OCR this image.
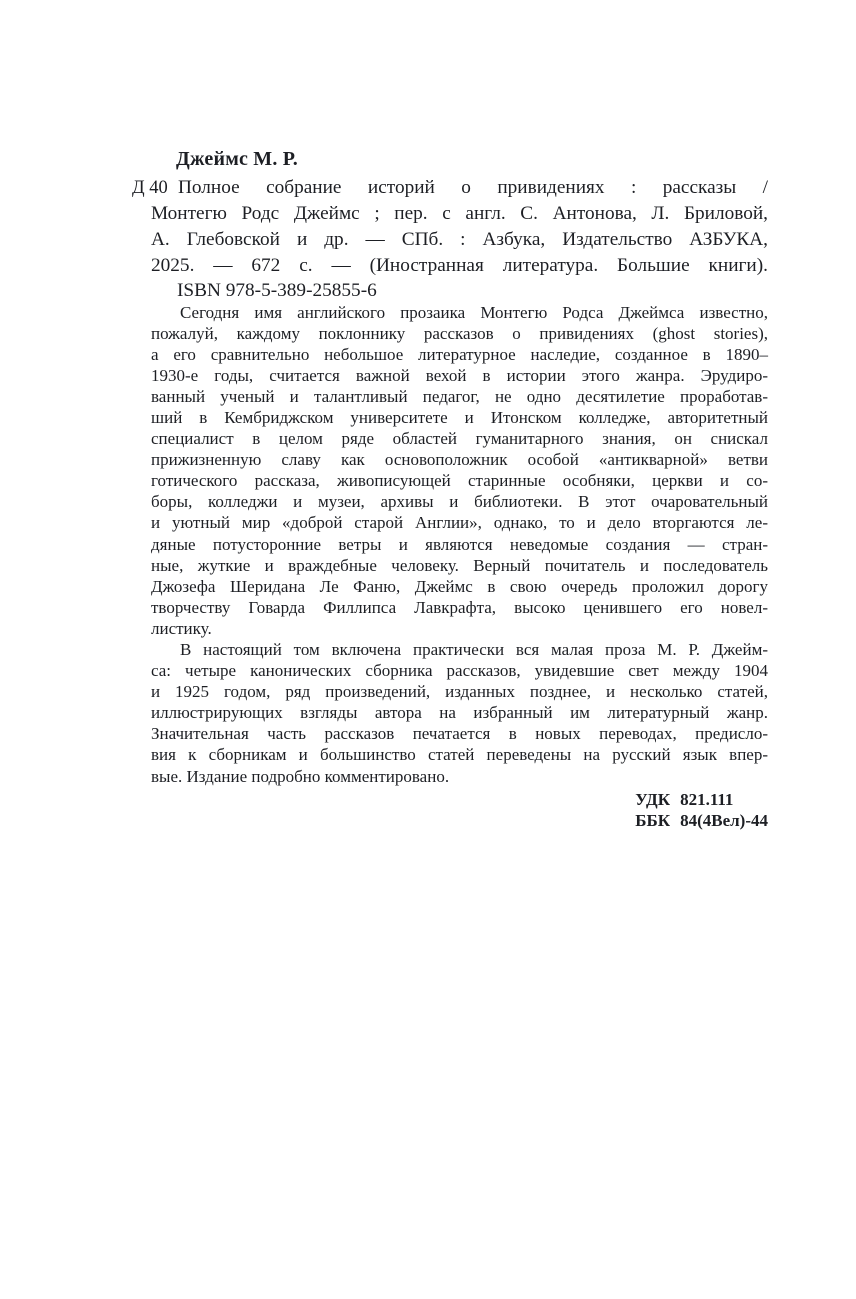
Джеймс М. Р.
Д 40 Полное собрание историй о привидениях : рассказы /
Монтегю Родс Джеймс ; пер. с англ. С. Антонова, Л. Бриловой,
А. Глебовской и др. — СПб. : Азбука, Издательство АЗБУКА,
2025. — 672 с. — (Иностранная литература. Большие книги).
ISBN 978-5-389-25855-6
Сегодня имя английского прозаика Монтегю Родса Джеймса известно,
пожалуй, каждому поклоннику рассказов о привидениях (ghost stories),
а его сравнительно небольшое литературное наследие, созданное в 1890–
1930-е годы, считается важной вехой в истории этого жанра. Эрудиро-
ванный ученый и талантливый педагог, не одно десятилетие проработав-
ший в Кембриджском университете и Итонском колледже, авторитетный
специалист в целом ряде областей гуманитарного знания, он снискал
прижизненную славу как основоположник особой «антикварной» ветви
готического рассказа, живописующей старинные особняки, церкви и со-
боры, колледжи и музеи, архивы и библиотеки. В этот очаровательный
и уютный мир «доброй старой Англии», однако, то и дело вторгаются ле-
дяные потусторонние ветры и являются неведомые создания — стран-
ные, жуткие и враждебные человеку. Верный почитатель и последователь
Джозефа Шеридана Ле Фаню, Джеймс в свою очередь проложил дорогу
творчеству Говарда Филлипса Лавкрафта, высоко ценившего его новел-
листику.
В настоящий том включена практически вся малая проза М. Р. Джейм-
са: четыре канонических сборника рассказов, увидевшие свет между 1904
и 1925 годом, ряд произведений, изданных позднее, и несколько статей,
иллюстрирующих взгляды автора на избранный им литературный жанр.
Значительная часть рассказов печатается в новых переводах, предисло-
вия к сборникам и большинство статей переведены на русский язык впер-
вые. Издание подробно комментировано.
УДК 821.111
ББК 84(4Вел)-44
